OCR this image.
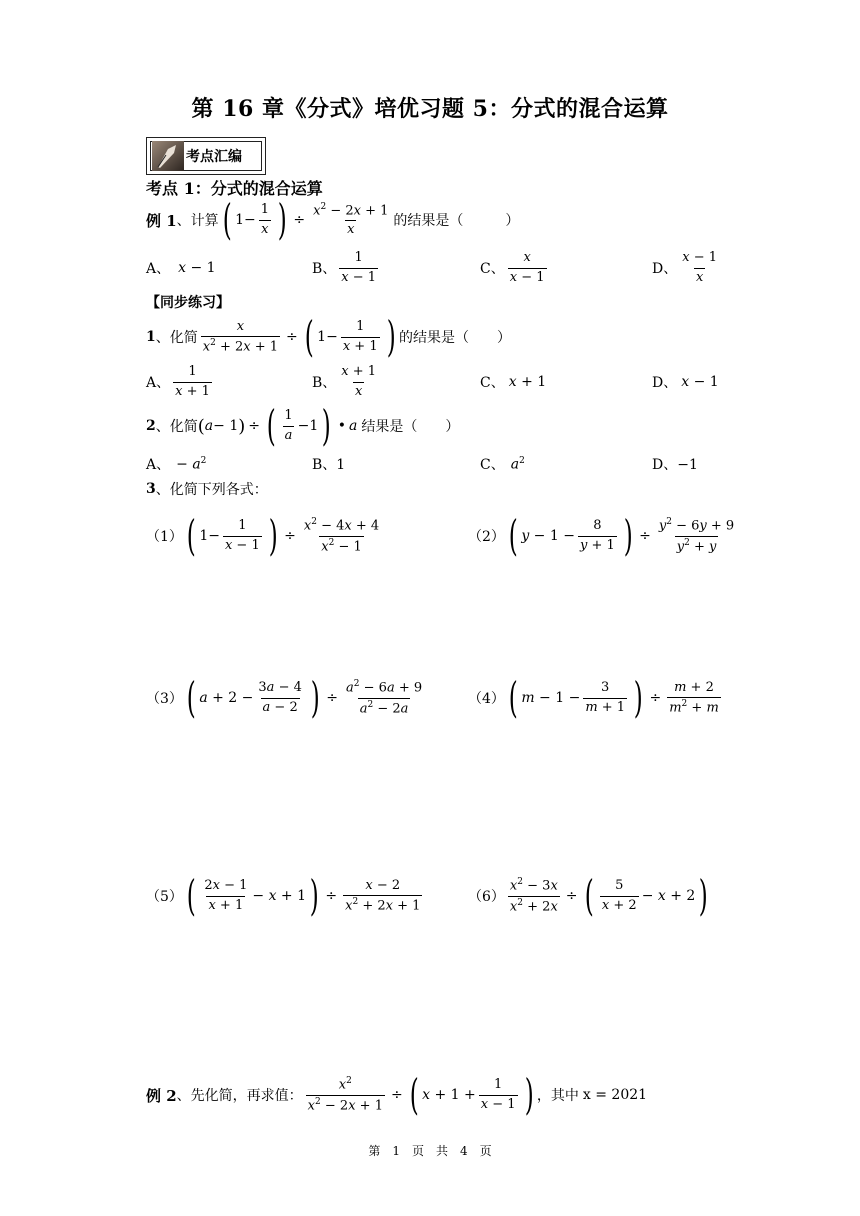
第 16 章《分式》培优习题 5：分式的混合运算
考点汇编
考点 1：分式的混合运算
例 1 、计算 ( $1- \frac{1}{x}$ ) ÷ $\frac{x^2 - 2x + 1}{x}$ 的结果是（　　　）
A、 x − 1	B、 $\frac{1}{x - 1}$	C、 $\frac{x}{x - 1}$	D、 $\frac{x - 1}{x}$
【同步练习】
1 、化简 $\frac{x}{x^2 + 2x + 1}$ ÷ ( $1- \frac{1}{x + 1}$ ) 的结果是（　　）
A、 $\frac{1}{x + 1}$	B、 $\frac{x + 1}{x}$	C、 x + 1	D、 x − 1
2 、化简 ( a − 1 ) ÷ ( $\frac{1}{a} -1$ ) • a 结果是（　　）
A、 − $a^2$	B、1	C、 $a^2$	D、−1
3 、化简下列各式：
（1） ( $1- \frac{1}{x - 1}$ ) ÷ $\frac{x^2 - 4x + 4}{x^2 - 1}$	（2） ( $y - 1 - \frac{8}{y + 1}$ ) ÷ $\frac{y^2 - 6y + 9}{y^2 + y}$
（3） ( $a + 2 - \frac{3a - 4}{a - 2}$ ) ÷ $\frac{a^2 - 6a + 9}{a^2 - 2a}$	（4） ( $m - 1 - \frac{3}{m + 1}$ ) ÷ $\frac{m + 2}{m^2 + m}$
（5） ( $\frac{2x - 1}{x + 1} - x + 1$ ) ÷ $\frac{x - 2}{x^2 + 2x + 1}$	$(6) \frac{x^2 - 3x}{x^2 + 2x}$ ÷ ( $\frac{5}{x + 2} - x + 2$ )
例 2 、先化简，再求值： $\frac{x^2}{x^2 - 2x + 1}$ ÷ ( $x + 1 + \frac{1}{x - 1}$ ) ，其中 x = 2021
第　1　页　共　4　页
